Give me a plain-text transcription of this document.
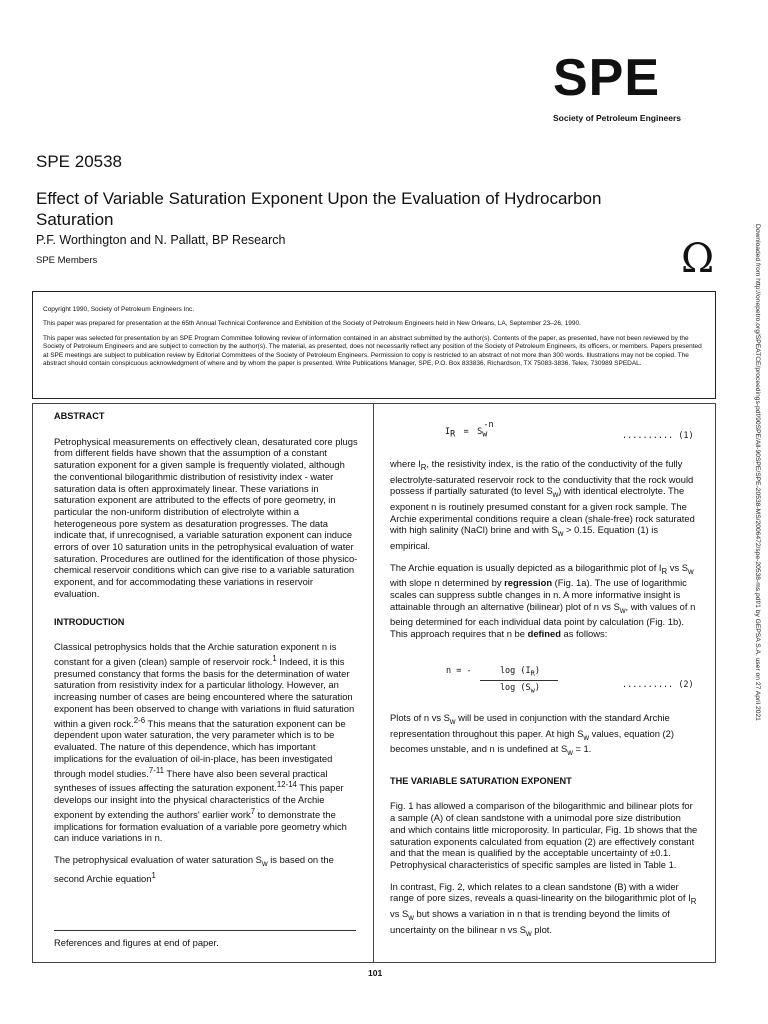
SPE
Society of Petroleum Engineers
SPE 20538
Effect of Variable Saturation Exponent Upon the Evaluation of Hydrocarbon Saturation
P.F. Worthington and N. Pallatt, BP Research
SPE Members	Ω	Downloaded from http://onepetro.org/SPEATCE/proceedings-pdf/90SPE/All-90SPE/SPE-20538-MS/2006472/spe-20538-ms.pdf/1 by GEPSA S.A. user on 27 April 2021

Copyright 1990, Society of Petroleum Engineers Inc.

This paper was prepared for presentation at the 65th Annual Technical Conference and Exhibition of the Society of Petroleum Engineers held in New Orleans, LA, September 23–26, 1990.

This paper was selected for presentation by an SPE Program Committee following review of information contained in an abstract submitted by the author(s). Contents of the paper, as presented, have not been reviewed by the Society of Petroleum Engineers and are subject to correction by the author(s). The material, as presented, does not necessarily reflect any position of the Society of Petroleum Engineers, its officers, or members. Papers presented at SPE meetings are subject to publication review by Editorial Committees of the Society of Petroleum Engineers. Permission to copy is restricted to an abstract of not more than 300 words. Illustrations may not be copied. The abstract should contain conspicuous acknowledgment of where and by whom the paper is presented. Write Publications Manager, SPE, P.O. Box 833836, Richardson, TX 75083-3836. Telex, 730989 SPEDAL.

ABSTRACT

Petrophysical measurements on effectively clean, desaturated core plugs from different fields have shown that the assumption of a constant saturation exponent for a given sample is frequently violated, although the conventional bilogarithmic distribution of resistivity index - water saturation data is often approximately linear. These variations in saturation exponent are attributed to the effects of pore geometry, in particular the non-uniform distribution of electrolyte within a heterogeneous pore system as desaturation progresses. The data indicate that, if unrecognised, a variable saturation exponent can induce errors of over 10 saturation units in the petrophysical evaluation of water saturation. Procedures are outlined for the identification of those physico-chemical reservoir conditions which can give rise to a variable saturation exponent, and for accommodating these variations in reservoir evaluation.

INTRODUCTION

Classical petrophysics holds that the Archie saturation exponent n is constant for a given (clean) sample of reservoir rock.$^1$ Indeed, it is this presumed constancy that forms the basis for the determination of water saturation from resistivity index for a particular lithology. However, an increasing number of cases are being encountered where the saturation exponent has been observed to change with variations in fluid saturation within a given rock.$^{2-6}$ This means that the saturation exponent can be dependent upon water saturation, the very parameter which is to be evaluated. The nature of this dependence, which has important implications for the evaluation of oil-in-place, has been investigated through model studies.$^{7-11}$ There have also been several practical syntheses of issues affecting the saturation exponent.$^{12-14}$ This paper develops our insight into the physical characteristics of the Archie exponent by extending the authors' earlier work$^7$ to demonstrate the implications for formation evaluation of a variable pore geometry which can induce variations in n.

The petrophysical evaluation of water saturation $S_w$ is based on the second Archie equation$^1$

References and figures at end of paper.
$I_R = S_w^{-n}$
.......... (1)

where $I_R$, the resistivity index, is the ratio of the conductivity of the fully electrolyte-saturated reservoir rock to the conductivity that the rock would possess if partially saturated (to level $S_w$) with identical electrolyte. The exponent n is routinely presumed constant for a given rock sample. The Archie experimental conditions require a clean (shale-free) rock saturated with high salinity (NaCl) brine and with $S_w > 0.15$. Equation (1) is empirical.

The Archie equation is usually depicted as a bilogarithmic plot of $I_R$ vs $S_w$ with slope n determined by regression (Fig. 1a). The use of logarithmic scales can suppress subtle changes in n. A more informative insight is attainable through an alternative (bilinear) plot of n vs $S_w$, with values of n being determined for each individual data point by calculation (Fig. 1b). This approach requires that n be defined as follows:

n = -	$\log (I_R)$
$\log (S_w)$	.......... (2)

Plots of n vs $S_w$ will be used in conjunction with the standard Archie representation throughout this paper. At high $S_w$ values, equation (2) becomes unstable, and n is undefined at $S_w = 1$.

THE VARIABLE SATURATION EXPONENT

Fig. 1 has allowed a comparison of the bilogarithmic and bilinear plots for a sample (A) of clean sandstone with a unimodal pore size distribution and which contains little microporosity. In particular, Fig. 1b shows that the saturation exponents calculated from equation (2) are effectively constant and that the mean is qualified by the acceptable uncertainty of ±0.1. Petrophysical characteristics of specific samples are listed in Table 1.

In contrast, Fig. 2, which relates to a clean sandstone (B) with a wider range of pore sizes, reveals a quasi-linearity on the bilogarithmic plot of $I_R$ vs $S_w$ but shows a variation in n that is trending beyond the limits of uncertainty on the bilinear n vs $S_w$ plot.

101
